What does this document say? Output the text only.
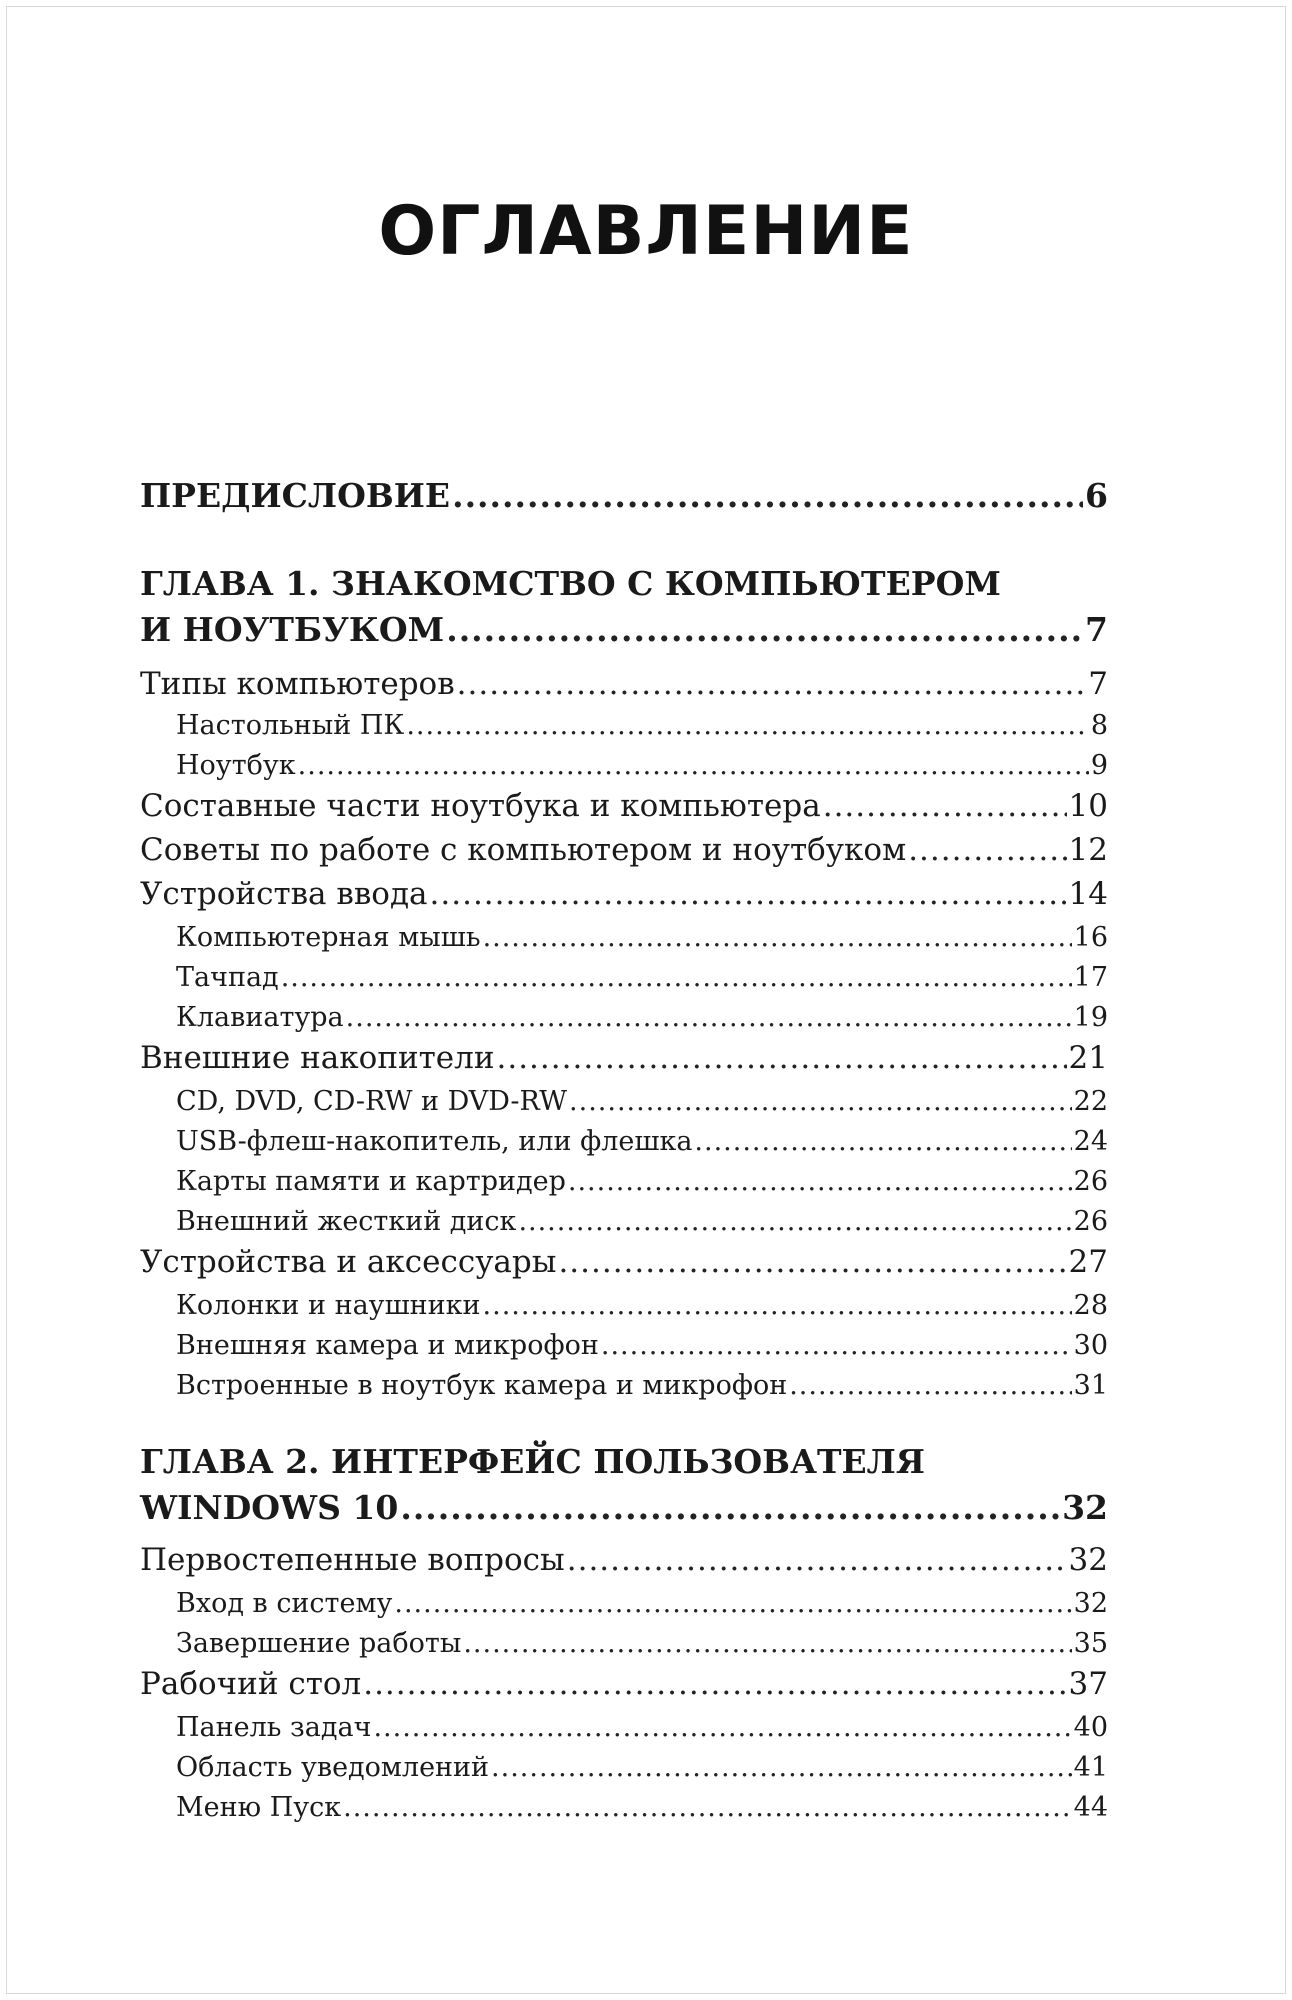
ОГЛАВЛЕНИЕ
ПРЕДИСЛОВИЕ .....	6
ГЛАВА 1. ЗНАКОМСТВО С КОМПЬЮТЕРОМ
И НОУТБУКОМ .....	7
Типы компьютеров .....	7
Настольный ПК .....	8
Ноутбук .....	9
Составные части ноутбука и компьютера .....	10
Советы по работе с компьютером и ноутбуком .....	12
Устройства ввода .....	14
Компьютерная мышь .....	16
Тачпад .....	17
Клавиатура .....	19
Внешние накопители .....	21
CD, DVD, CD-RW и DVD-RW .....	22
USB-флеш-накопитель, или флешка .....	24
Карты памяти и картридер .....	26
Внешний жесткий диск .....	26
Устройства и аксессуары .....	27
Колонки и наушники .....	28
Внешняя камера и микрофон .....	30
Встроенные в ноутбук камера и микрофон .....	31
ГЛАВА 2. ИНТЕРФЕЙС ПОЛЬЗОВАТЕЛЯ
WINDOWS 10 .....	32
Первостепенные вопросы .....	32
Вход в систему .....	32
Завершение работы .....	35
Рабочий стол .....	37
Панель задач .....	40
Область уведомлений .....	41
Меню Пуск .....	44
